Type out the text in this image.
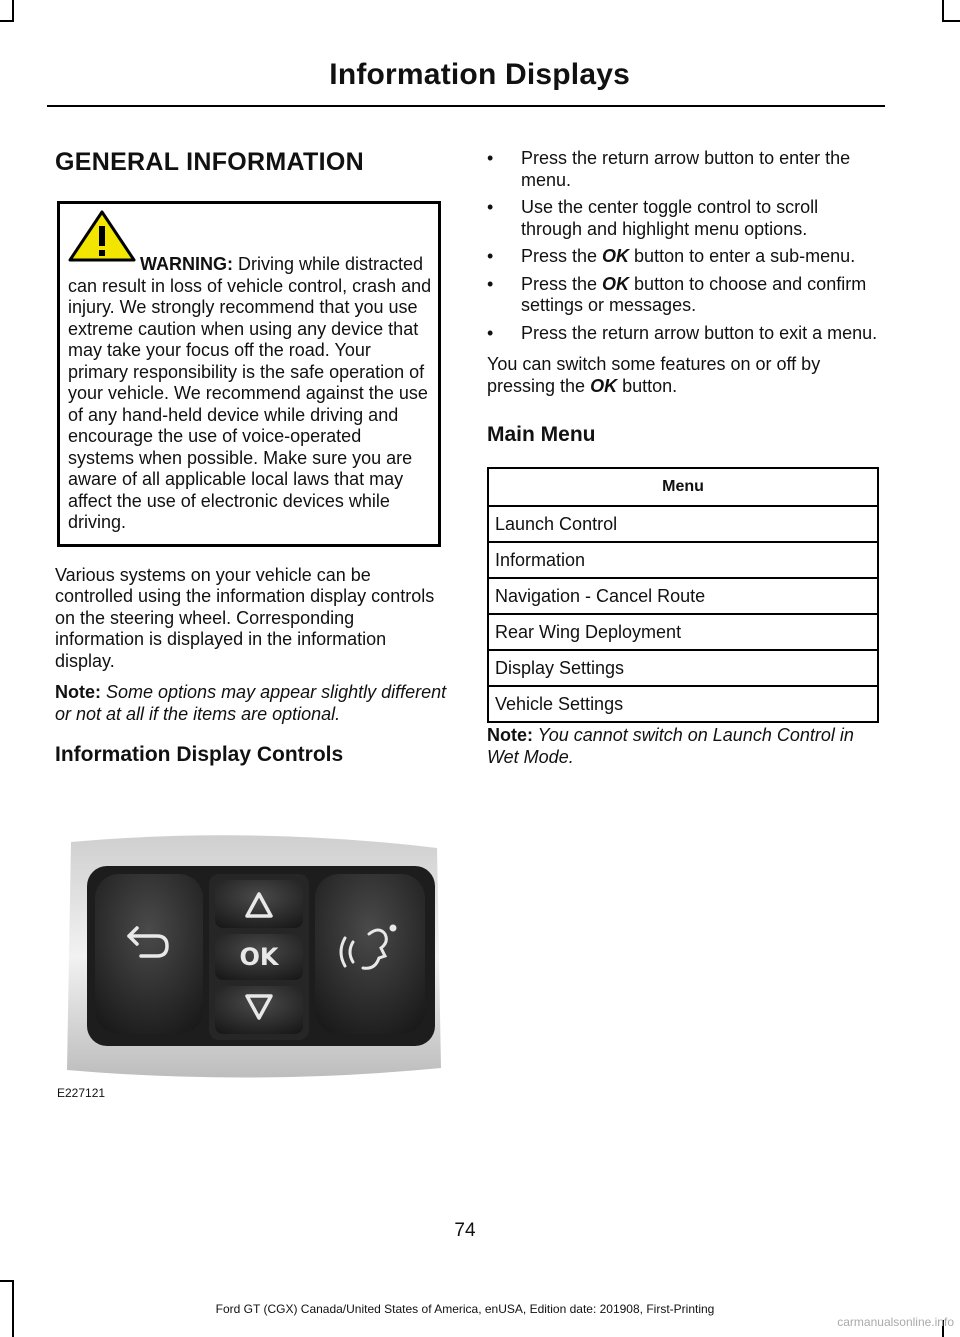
Information Displays
GENERAL INFORMATION
WARNING: Driving while distracted can result in loss of vehicle control, crash and injury. We strongly recommend that you use extreme caution when using any device that may take your focus off the road. Your primary responsibility is the safe operation of your vehicle. We recommend against the use of any hand-held device while driving and encourage the use of voice-operated systems when possible. Make sure you are aware of all applicable local laws that may affect the use of electronic devices while driving.

Various systems on your vehicle can be controlled using the information display controls on the steering wheel. Corresponding information is displayed in the information display.

Note: Some options may appear slightly different or not at all if the items are optional.

Information Display Controls
OK
E227121
•	Press the return arrow button to enter the menu.
•	Use the center toggle control to scroll through and highlight menu options.
•	Press the OK button to enter a sub-menu.
•	Press the OK button to choose and confirm settings or messages.
•	Press the return arrow button to exit a menu.

You can switch some features on or off by pressing the OK button.

Main Menu
Menu
Launch Control
Information
Navigation - Cancel Route
Rear Wing Deployment
Display Settings
Vehicle Settings

Note: You cannot switch on Launch Control in Wet Mode.

74
Ford GT (CGX) Canada/United States of America, enUSA, Edition date: 201908, First-Printing
carmanualsonline.info
